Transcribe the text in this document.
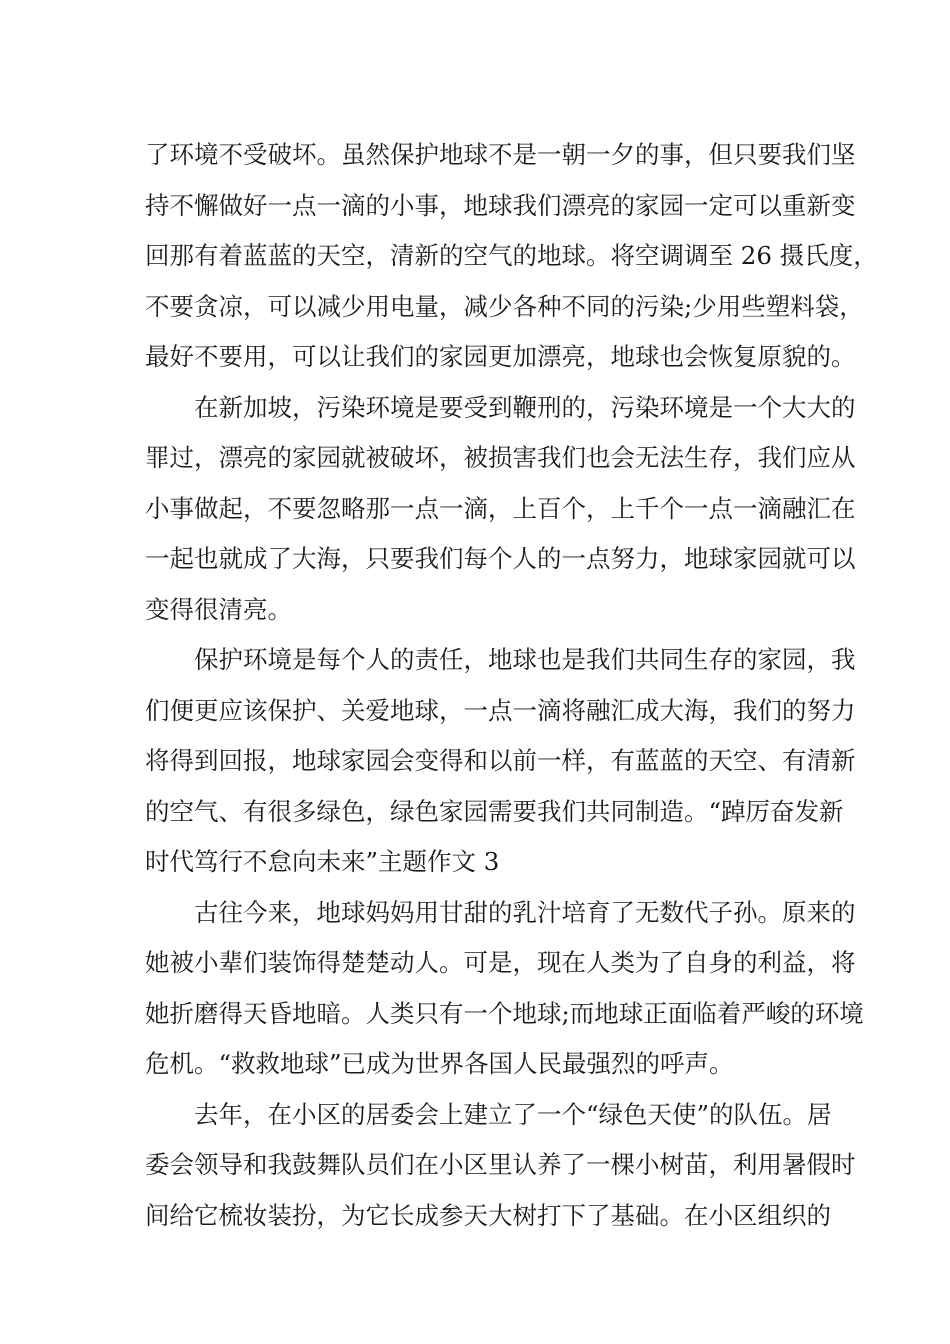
了环境不受破坏。虽然保护地球不是一朝一夕的事，但只要我们坚
持不懈做好一点一滴的小事，地球我们漂亮的家园一定可以重新变
回那有着蓝蓝的天空，清新的空气的地球。将空调调至 26 摄氏度，
不要贪凉，可以减少用电量，减少各种不同的污染;少用些塑料袋，
最好不要用，可以让我们的家园更加漂亮，地球也会恢复原貌的。
在新加坡，污染环境是要受到鞭刑的，污染环境是一个大大的
罪过，漂亮的家园就被破坏，被损害我们也会无法生存，我们应从
小事做起，不要忽略那一点一滴，上百个，上千个一点一滴融汇在
一起也就成了大海，只要我们每个人的一点努力，地球家园就可以
变得很清亮。
保护环境是每个人的责任，地球也是我们共同生存的家园，我
们便更应该保护、关爱地球，一点一滴将融汇成大海，我们的努力
将得到回报，地球家园会变得和以前一样，有蓝蓝的天空、有清新
的空气、有很多绿色，绿色家园需要我们共同制造。“踔厉奋发新
时代笃行不怠向未来”主题作文 3
古往今来，地球妈妈用甘甜的乳汁培育了无数代子孙。原来的
她被小辈们装饰得楚楚动人。可是，现在人类为了自身的利益，将
她折磨得天昏地暗。人类只有一个地球;而地球正面临着严峻的环境
危机。“救救地球”已成为世界各国人民最强烈的呼声。
去年，在小区的居委会上建立了一个“绿色天使”的队伍。居
委会领导和我鼓舞队员们在小区里认养了一棵小树苗，利用暑假时
间给它梳妆装扮，为它长成参天大树打下了基础。在小区组织的
